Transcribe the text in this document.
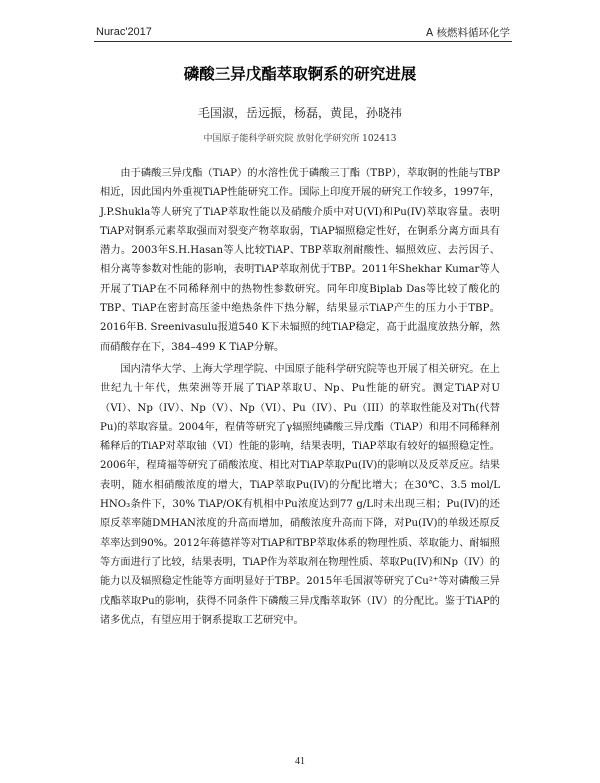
Nurac'2017	A 核燃料循环化学
磷酸三异戊酯萃取锕系的研究进展
毛国淑，岳远振，杨磊，黄昆，孙晓祎
中国原子能科学研究院 放射化学研究所 102413

由于磷酸三异戊酯（TiAP）的水溶性优于磷酸三丁酯（TBP），萃取锕的性能与TBP相近，因此国内外重视TiAP性能研究工作。国际上印度开展的研究工作较多，1997年，J.P.Shukla等人研究了TiAP萃取性能以及硝酸介质中对U(VI)和Pu(IV)萃取容量。表明TiAP对锕系元素萃取强而对裂变产物萃取弱，TiAP辐照稳定性好，在锕系分离方面具有潜力。2003年S.H.Hasan等人比较TiAP、TBP萃取剂耐酸性、辐照效应、去污因子、相分离等参数对性能的影响，表明TiAP萃取剂优于TBP。2011年Shekhar Kumar等人开展了TiAP在不同稀释剂中的热物性参数研究。同年印度Biplab Das等比较了酸化的TBP、TiAP在密封高压釜中绝热条件下热分解，结果显示TiAP产生的压力小于TBP。2016年B. Sreenivasulu报道540 K下未辐照的纯TiAP稳定，高于此温度放热分解，然而硝酸存在下，384–499 K TiAP分解。

国内清华大学、上海大学理学院、中国原子能科学研究院等也开展了相关研究。在上世纪九十年代，焦荣洲等开展了TiAP萃取U、Np、Pu性能的研究。测定TiAP对U（VI）、Np（IV）、Np（V）、Np（VI）、Pu（IV）、Pu（III）的萃取性能及对Th(代替Pu)的萃取容量。2004年，程倩等研究了γ辐照纯磷酸三异戊酯（TiAP）和用不同稀释剂稀释后的TiAP对萃取铀（VI）性能的影响，结果表明，TiAP萃取有较好的辐照稳定性。2006年，程琦福等研究了硝酸浓度、相比对TiAP萃取Pu(IV)的影响以及反萃反应。结果表明，随水相硝酸浓度的增大，TiAP萃取Pu(IV)的分配比增大；在30℃、3.5 mol/L HNO₃条件下，30% TiAP/OK有机相中Pu浓度达到77 g/L时未出现三相；Pu(IV)的还原反萃率随DMHAN浓度的升高而增加，硝酸浓度升高而下降，对Pu(IV)的单级还原反萃率达到90%。2012年蒋德祥等对TiAP和TBP萃取体系的物理性质、萃取能力、耐辐照等方面进行了比较，结果表明，TiAP作为萃取剂在物理性质、萃取Pu(IV)和Np（IV）的能力以及辐照稳定性能等方面明显好于TBP。2015年毛国淑等研究了Cu²⁺等对磷酸三异戊酯萃取Pu的影响，获得不同条件下磷酸三异戊酯萃取钚（IV）的分配比。鉴于TiAP的诸多优点，有望应用于锕系提取工艺研究中。

41
